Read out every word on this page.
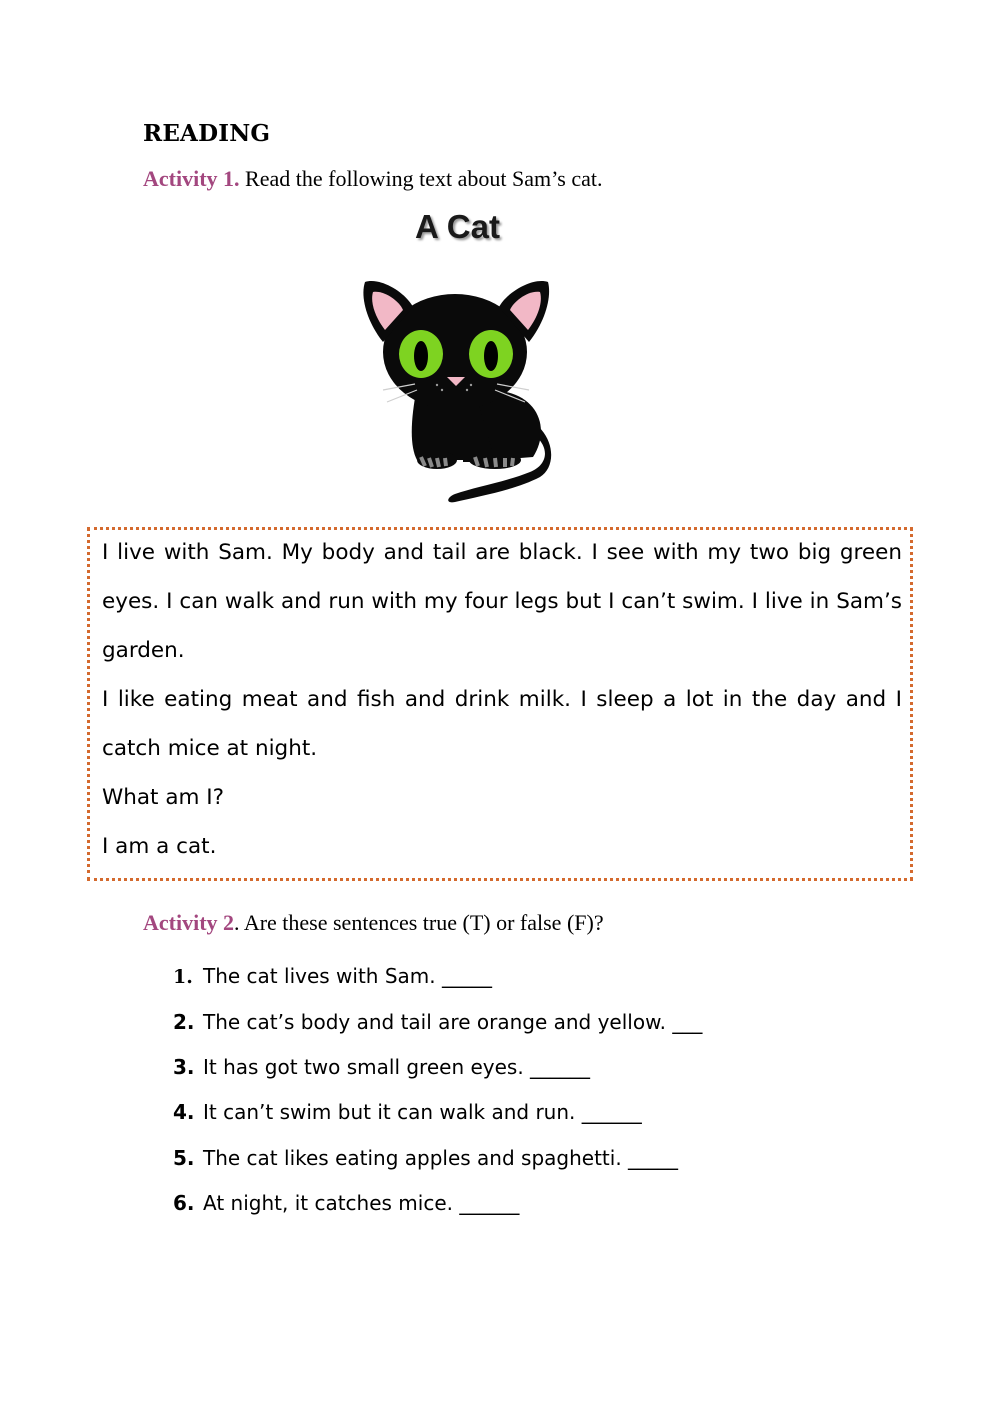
READING
Activity 1. Read the following text about Sam’s cat.
A Cat
I live with Sam. My body and tail are black. I see with my two big green
eyes. I can walk and run with my four legs but I can’t swim. I live in Sam’s
garden.
I like eating meat and fish and drink milk. I sleep a lot in the day and I
catch mice at night.
What am I?
I am a cat.
Activity 2. Are these sentences true (T) or false (F)?
1. The cat lives with Sam. _____
2. The cat’s body and tail are orange and yellow. ___
3. It has got two small green eyes. ______
4. It can’t swim but it can walk and run. ______
5. The cat likes eating apples and spaghetti. _____
6. At night, it catches mice. ______
